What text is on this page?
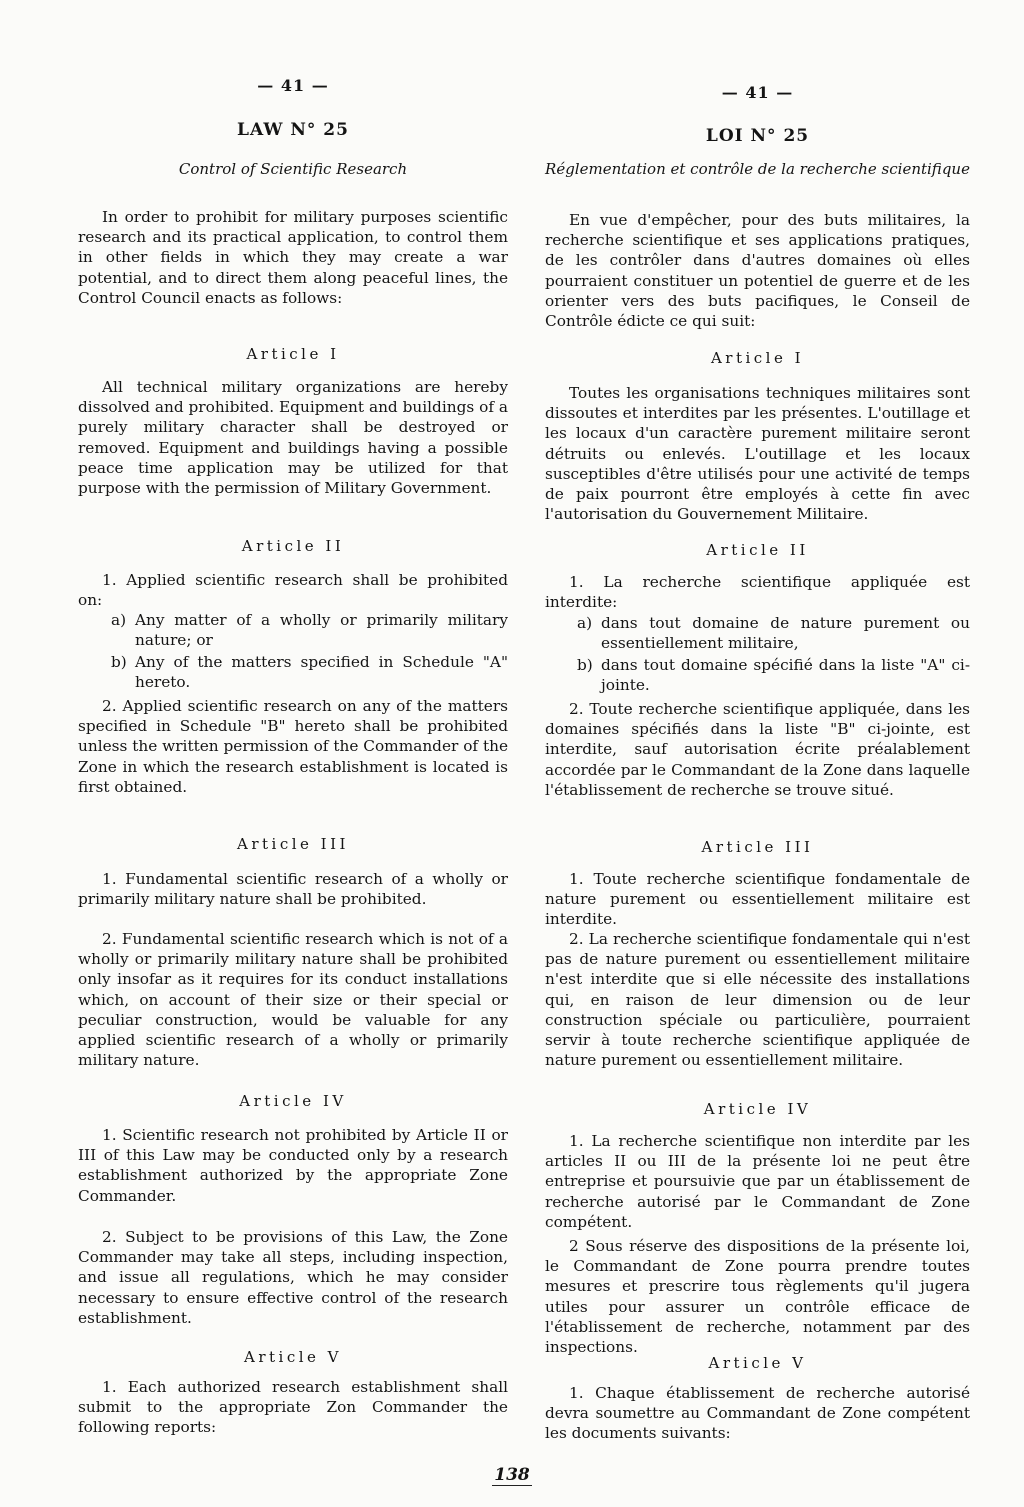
— 41 —
LAW N° 25
Control of Scientific Research

In order to prohibit for military purposes scientific research and its practical application, to control them in other fields in which they may create a war potential, and to direct them along peaceful lines, the Control Council enacts as follows:

Article I

All technical military organizations are hereby dissolved and prohibited. Equipment and buildings of a purely military character shall be destroyed or removed. Equipment and buildings having a possible peace time application may be utilized for that purpose with the permission of Military Government.

Article II

1. Applied scientific research shall be prohibited on:

a) Any matter of a wholly or primarily military nature; or
b) Any of the matters specified in Schedule "A" hereto.

2. Applied scientific research on any of the matters specified in Schedule "B" hereto shall be prohibited unless the written permission of the Commander of the Zone in which the research establishment is located is first obtained.

Article III

1. Fundamental scientific research of a wholly or primarily military nature shall be prohibited.

2. Fundamental scientific research which is not of a wholly or primarily military nature shall be prohibited only insofar as it requires for its conduct installations which, on account of their size or their special or peculiar construction, would be valuable for any applied scientific research of a wholly or primarily military nature.

Article IV

1. Scientific research not prohibited by Article II or III of this Law may be conducted only by a research establishment authorized by the appropriate Zone Commander.

2. Subject to be provisions of this Law, the Zone Commander may take all steps, including inspection, and issue all regulations, which he may consider necessary to ensure effective control of the research establishment.

Article V

1. Each authorized research establishment shall submit to the appropriate Zon Commander the following reports:

— 41 —
LOI N° 25
Réglementation et contrôle de la recherche scientifique

En vue d'empêcher, pour des buts militaires, la recherche scientifique et ses applications pratiques, de les contrôler dans d'autres domaines où elles pourraient constituer un potentiel de guerre et de les orienter vers des buts pacifiques, le Conseil de Contrôle édicte ce qui suit:

Article I

Toutes les organisations techniques militaires sont dissoutes et interdites par les présentes. L'outillage et les locaux d'un caractère purement militaire seront détruits ou enlevés. L'outillage et les locaux susceptibles d'être utilisés pour une activité de temps de paix pourront être employés à cette fin avec l'autorisation du Gouvernement Militaire.

Article II

1. La recherche scientifique appliquée est interdite:

a) dans tout domaine de nature purement ou essentiellement militaire,
b) dans tout domaine spécifié dans la liste "A" ci-jointe.

2. Toute recherche scientifique appliquée, dans les domaines spécifiés dans la liste "B" ci-jointe, est interdite, sauf autorisation écrite préalablement accordée par le Commandant de la Zone dans laquelle l'établissement de recherche se trouve situé.

Article III

1. Toute recherche scientifique fondamentale de nature purement ou essentiellement militaire est interdite.

2. La recherche scientifique fondamentale qui n'est pas de nature purement ou essentiellement militaire n'est interdite que si elle nécessite des installations qui, en raison de leur dimension ou de leur construction spéciale ou particulière, pourraient servir à toute recherche scientifique appliquée de nature purement ou essentiellement militaire.

Article IV

1. La recherche scientifique non interdite par les articles II ou III de la présente loi ne peut être entreprise et poursuivie que par un établissement de recherche autorisé par le Commandant de Zone compétent.

2 Sous réserve des dispositions de la présente loi, le Commandant de Zone pourra prendre toutes mesures et prescrire tous règlements qu'il jugera utiles pour assurer un contrôle efficace de l'établissement de recherche, notamment par des inspections.

Article V

1. Chaque établissement de recherche autorisé devra soumettre au Commandant de Zone compétent les documents suivants:

138
